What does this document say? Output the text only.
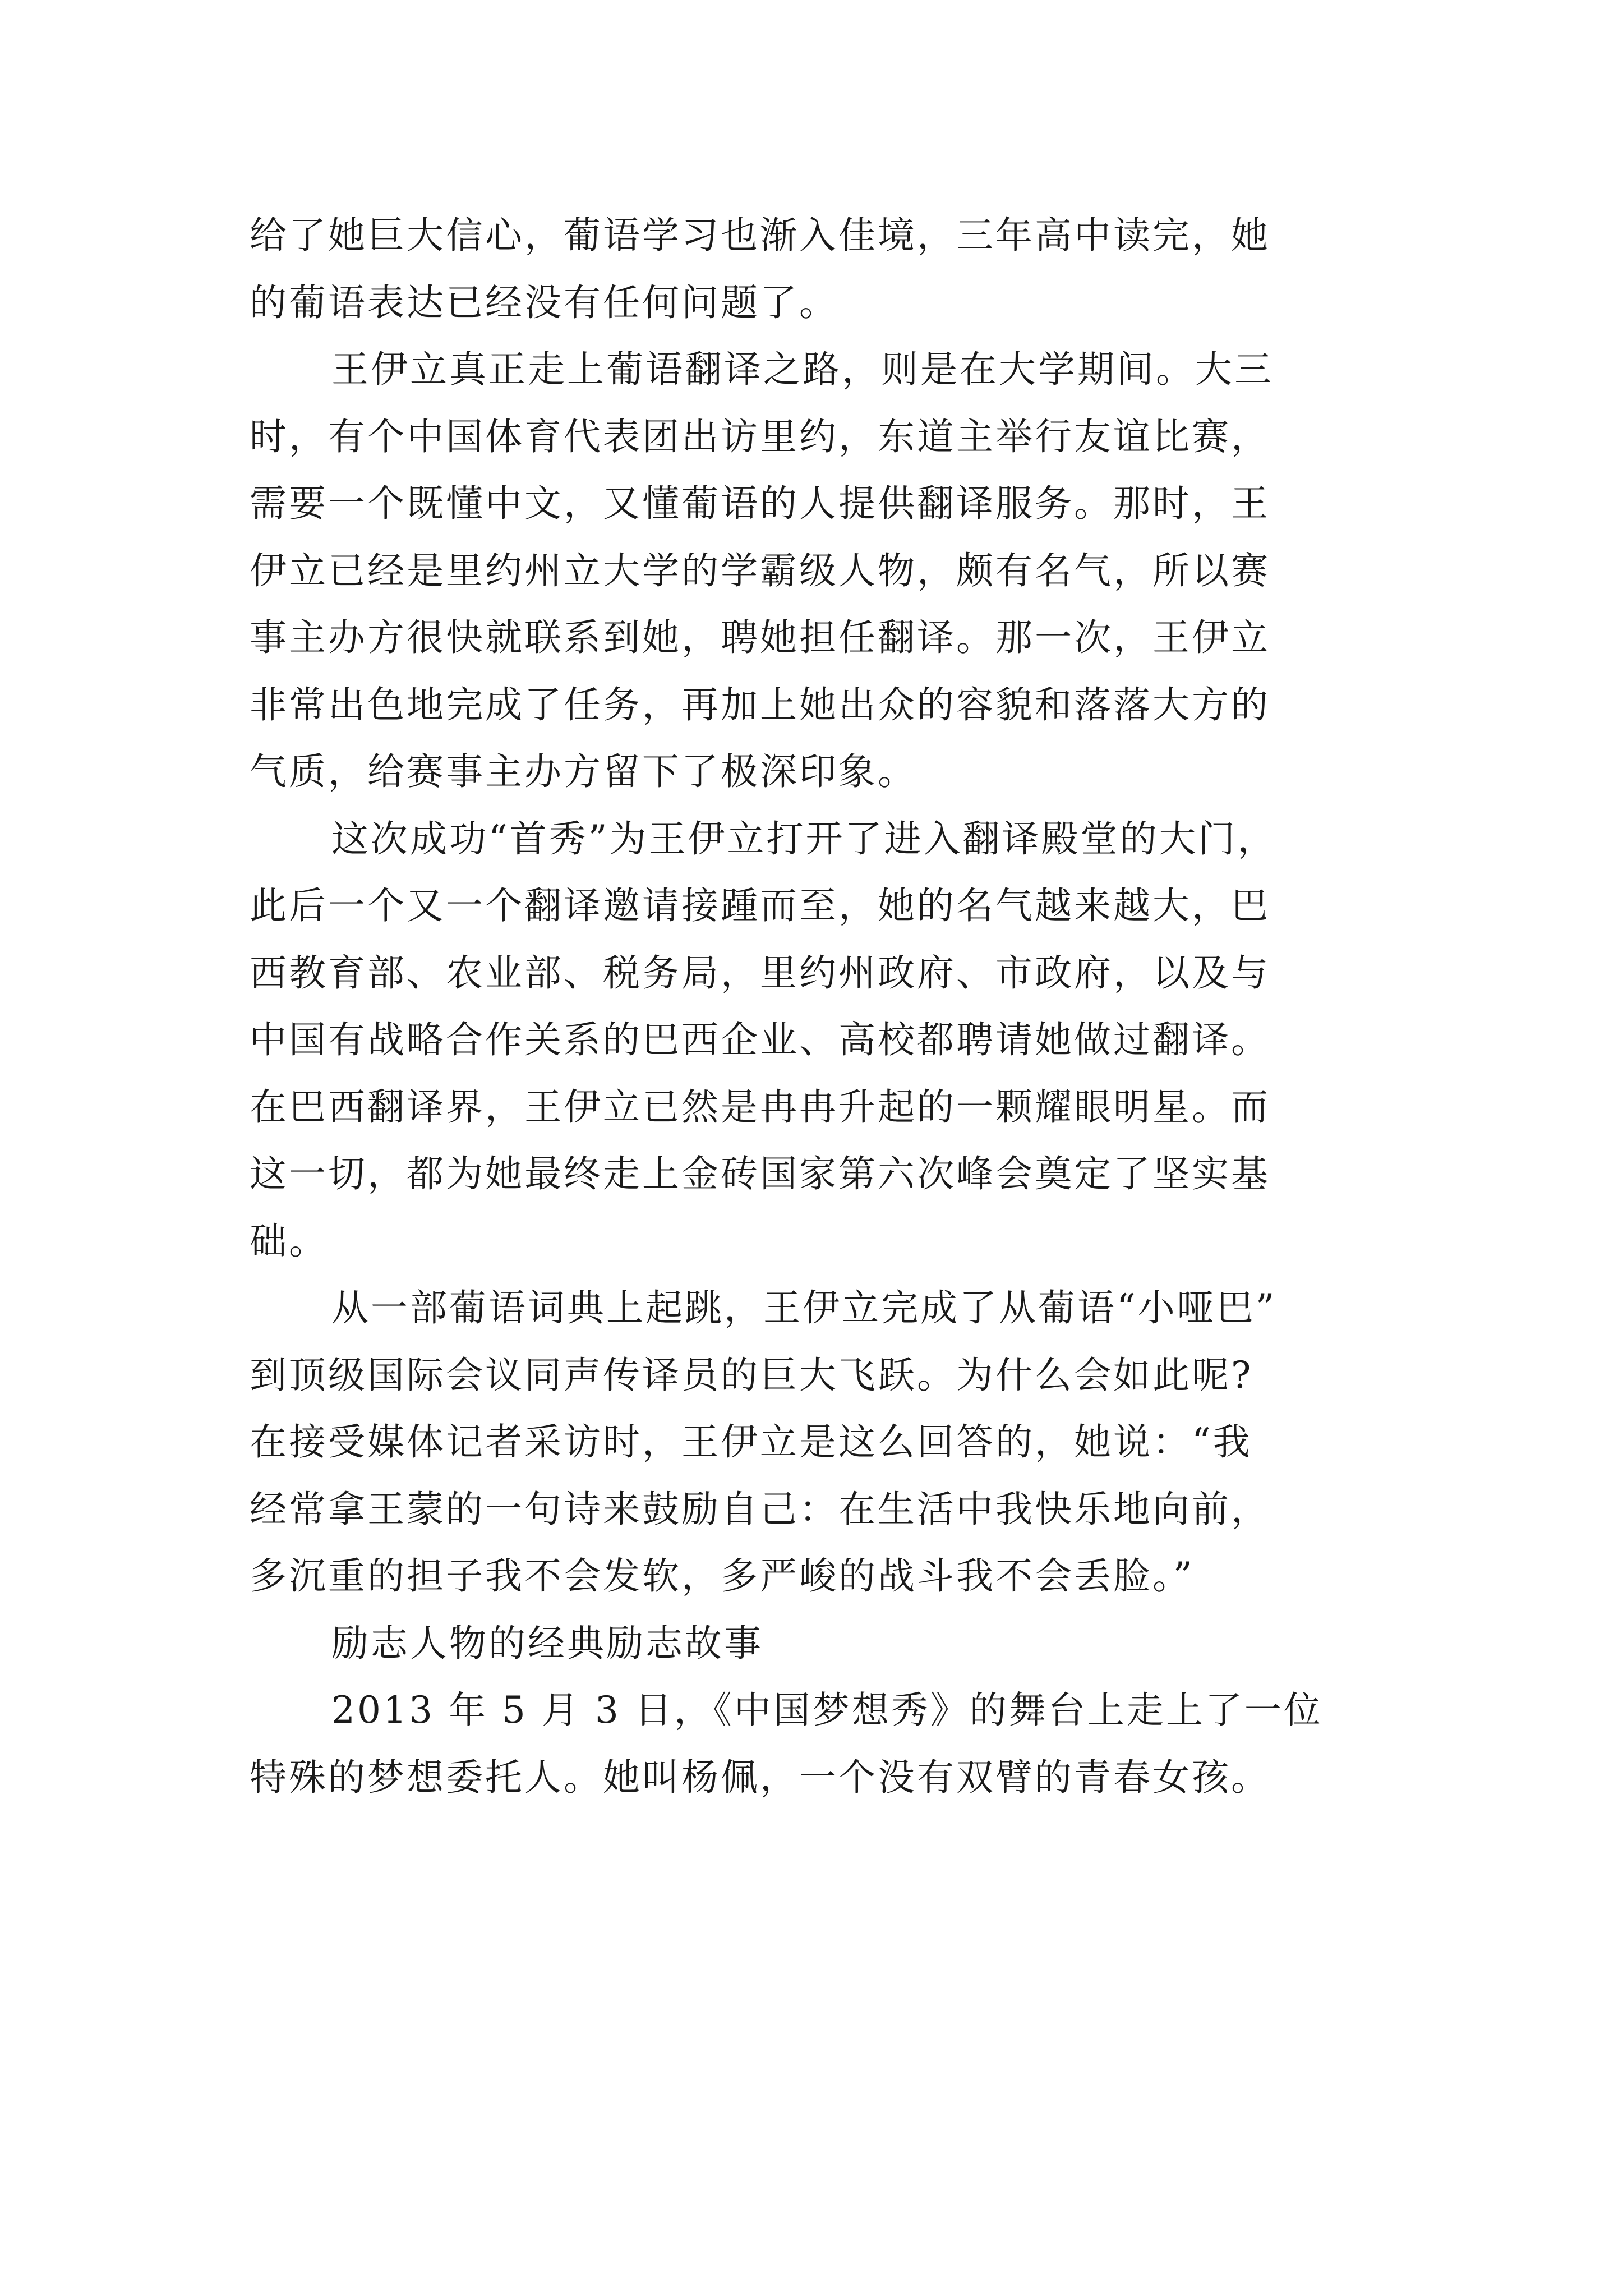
给了她巨大信心，葡语学习也渐入佳境，三年高中读完，她
的葡语表达已经没有任何问题了。
王伊立真正走上葡语翻译之路，则是在大学期间。大三
时，有个中国体育代表团出访里约，东道主举行友谊比赛，
需要一个既懂中文，又懂葡语的人提供翻译服务。那时，王
伊立已经是里约州立大学的学霸级人物，颇有名气，所以赛
事主办方很快就联系到她，聘她担任翻译。那一次，王伊立
非常出色地完成了任务，再加上她出众的容貌和落落大方的
气质，给赛事主办方留下了极深印象。
这次成功“首秀”为王伊立打开了进入翻译殿堂的大门，
此后一个又一个翻译邀请接踵而至，她的名气越来越大，巴
西教育部、农业部、税务局，里约州政府、市政府，以及与
中国有战略合作关系的巴西企业、高校都聘请她做过翻译。
在巴西翻译界，王伊立已然是冉冉升起的一颗耀眼明星。而
这一切，都为她最终走上金砖国家第六次峰会奠定了坚实基
础。
从一部葡语词典上起跳，王伊立完成了从葡语“小哑巴”
到顶级国际会议同声传译员的巨大飞跃。为什么会如此呢?
在接受媒体记者采访时，王伊立是这么回答的，她说：“我
经常拿王蒙的一句诗来鼓励自己：在生活中我快乐地向前，
多沉重的担子我不会发软，多严峻的战斗我不会丢脸。”
励志人物的经典励志故事
2013 年 5 月 3 日，《中国梦想秀》的舞台上走上了一位
特殊的梦想委托人。她叫杨佩，一个没有双臂的青春女孩。
